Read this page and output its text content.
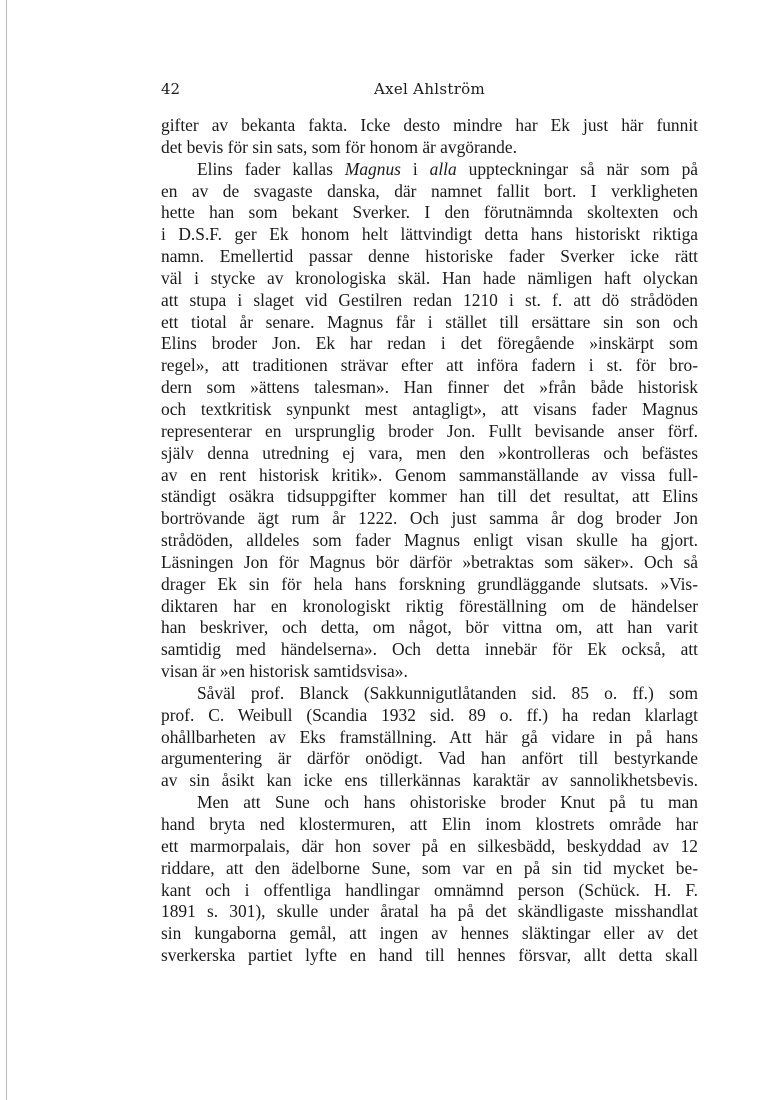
42	Axel Ahlström
gifter av bekanta fakta. Icke desto mindre har Ek just här funnit
det bevis för sin sats, som för honom är avgörande.
Elins fader kallas Magnus i alla uppteckningar så när som på
en av de svagaste danska, där namnet fallit bort. I verkligheten
hette han som bekant Sverker. I den förutnämnda skoltexten och
i D.S.F. ger Ek honom helt lättvindigt detta hans historiskt riktiga
namn. Emellertid passar denne historiske fader Sverker icke rätt
väl i stycke av kronologiska skäl. Han hade nämligen haft olyckan
att stupa i slaget vid Gestilren redan 1210 i st. f. att dö strådöden
ett tiotal år senare. Magnus får i stället till ersättare sin son och
Elins broder Jon. Ek har redan i det föregående »inskärpt som
regel», att traditionen strävar efter att införa fadern i st. för bro-
dern som »ättens talesman». Han finner det »från både historisk
och textkritisk synpunkt mest antagligt», att visans fader Magnus
representerar en ursprunglig broder Jon. Fullt bevisande anser förf.
själv denna utredning ej vara, men den »kontrolleras och befästes
av en rent historisk kritik». Genom sammanställande av vissa full-
ständigt osäkra tidsuppgifter kommer han till det resultat, att Elins
bortrövande ägt rum år 1222. Och just samma år dog broder Jon
strådöden, alldeles som fader Magnus enligt visan skulle ha gjort.
Läsningen Jon för Magnus bör därför »betraktas som säker». Och så
drager Ek sin för hela hans forskning grundläggande slutsats. »Vis-
diktaren har en kronologiskt riktig föreställning om de händelser
han beskriver, och detta, om något, bör vittna om, att han varit
samtidig med händelserna». Och detta innebär för Ek också, att
visan är »en historisk samtidsvisa».
Såväl prof. Blanck (Sakkunnigutlåtanden sid. 85 o. ff.) som
prof. C. Weibull (Scandia 1932 sid. 89 o. ff.) ha redan klarlagt
ohållbarheten av Eks framställning. Att här gå vidare in på hans
argumentering är därför onödigt. Vad han anfört till bestyrkande
av sin åsikt kan icke ens tillerkännas karaktär av sannolikhetsbevis.
Men att Sune och hans ohistoriske broder Knut på tu man
hand bryta ned klostermuren, att Elin inom klostrets område har
ett marmorpalais, där hon sover på en silkesbädd, beskyddad av 12
riddare, att den ädelborne Sune, som var en på sin tid mycket be-
kant och i offentliga handlingar omnämnd person (Schück. H. F.
1891 s. 301), skulle under åratal ha på det skändligaste misshandlat
sin kungaborna gemål, att ingen av hennes släktingar eller av det
sverkerska partiet lyfte en hand till hennes försvar, allt detta skall
